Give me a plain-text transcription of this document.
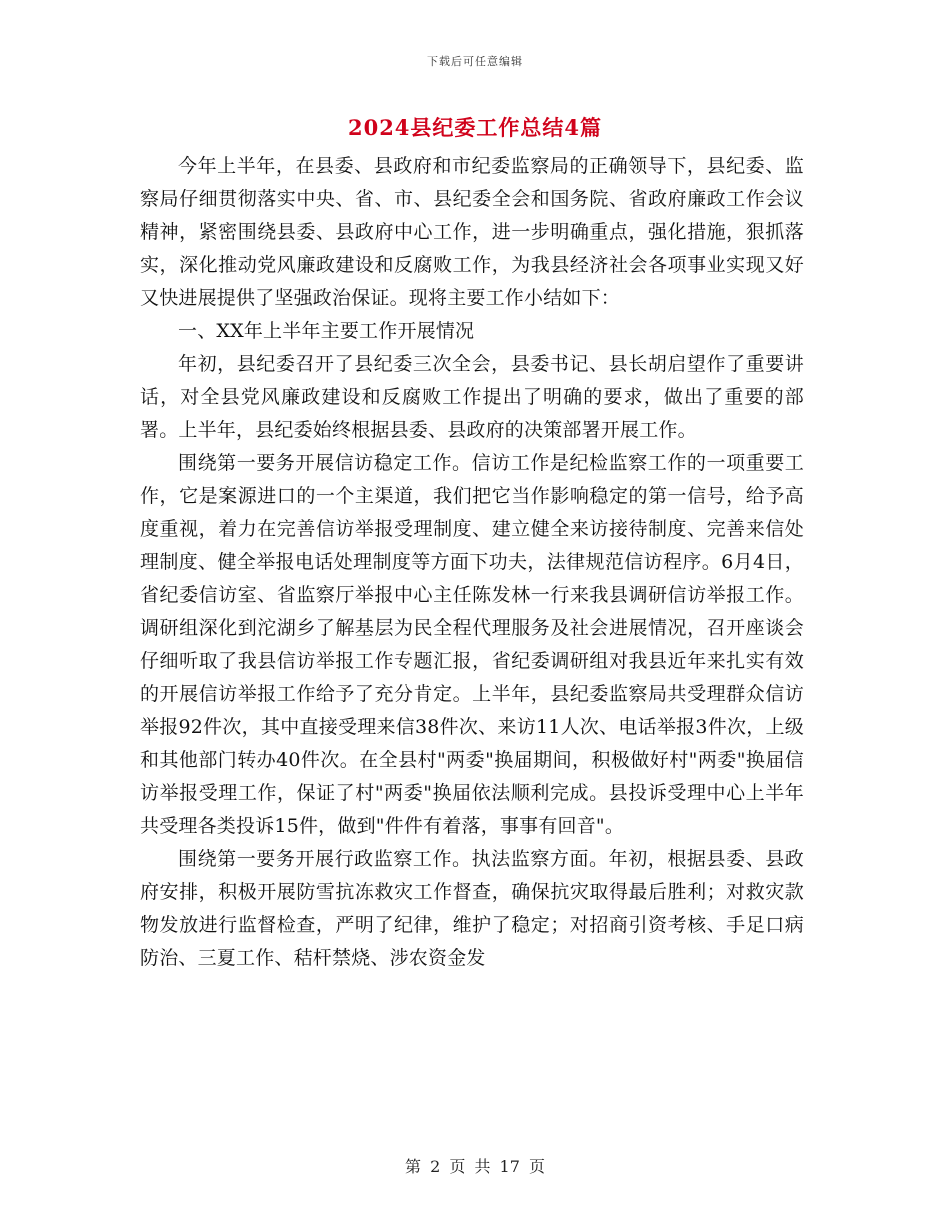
下载后可任意编辑
2024县纪委工作总结4篇

今年上半年，在县委、县政府和市纪委监察局的正确领导下，县纪委、监察局仔细贯彻落实中央、省、市、县纪委全会和国务院、省政府廉政工作会议精神，紧密围绕县委、县政府中心工作，进一步明确重点，强化措施，狠抓落实，深化推动党风廉政建设和反腐败工作，为我县经济社会各项事业实现又好又快进展提供了坚强政治保证。现将主要工作小结如下：

一、XX年上半年主要工作开展情况

年初，县纪委召开了县纪委三次全会，县委书记、县长胡启望作了重要讲话，对全县党风廉政建设和反腐败工作提出了明确的要求，做出了重要的部署。上半年，县纪委始终根据县委、县政府的决策部署开展工作。

围绕第一要务开展信访稳定工作。信访工作是纪检监察工作的一项重要工作，它是案源进口的一个主渠道，我们把它当作影响稳定的第一信号，给予高度重视，着力在完善信访举报受理制度、建立健全来访接待制度、完善来信处理制度、健全举报电话处理制度等方面下功夫，法律规范信访程序。6月4日，省纪委信访室、省监察厅举报中心主任陈发林一行来我县调研信访举报工作。调研组深化到沱湖乡了解基层为民全程代理服务及社会进展情况，召开座谈会仔细听取了我县信访举报工作专题汇报，省纪委调研组对我县近年来扎实有效的开展信访举报工作给予了充分肯定。上半年，县纪委监察局共受理群众信访举报92件次，其中直接受理来信38件次、来访11人次、电话举报3件次，上级和其他部门转办40件次。在全县村"两委"换届期间，积极做好村"两委"换届信访举报受理工作，保证了村"两委"换届依法顺利完成。县投诉受理中心上半年共受理各类投诉15件，做到"件件有着落，事事有回音"。

围绕第一要务开展行政监察工作。执法监察方面。年初，根据县委、县政府安排，积极开展防雪抗冻救灾工作督查，确保抗灾取得最后胜利；对救灾款物发放进行监督检查，严明了纪律，维护了稳定；对招商引资考核、手足口病防治、三夏工作、秸杆禁烧、涉农资金发

第 2 页 共 17 页
